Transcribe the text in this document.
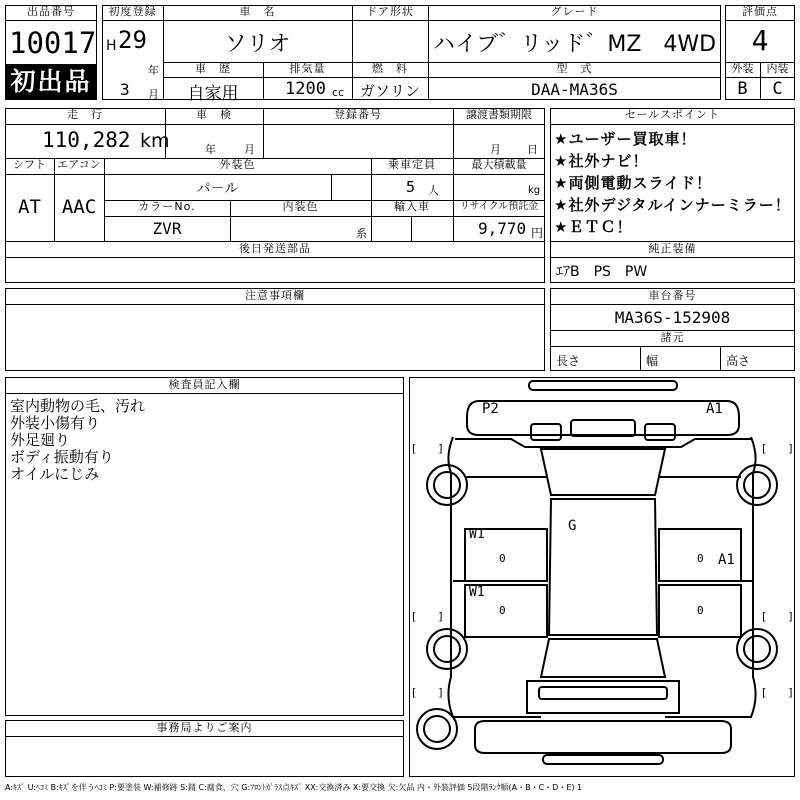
出品番号
10017
初出品
初度登録
H 29
年
3 月
車　名
ソリオ
ドア形状	グレード
ハイブ゛リッド゛MZ　4WD
車　歴
自家用
排気量
1200 cc
燃　料
ガソリン
型　式
DAA-MA36S
評価点
4
外装	内装
B	C
走　行
110,282 km
車　検
年	月
登録番号	譲渡書類期限
月 日
シフト
AT
エアコン
AAC
外装色
パ－ル
乗車定員
5 人
最大積載量
kg
カラーNo.
ZVR
内装色
系
輸入車	リサイクル預託金
9,770 円
後日発送部品
セールスポイント
★ユーザー買取車！
★社外ナビ！
★両側電動スライド！
★社外デジタルインナーミラー！
★ＥＴＣ！
純正装備
ｴｱB　PS　PW
注意事項欄	車台番号
MA36S-152908
諸元
長さ	幅	高さ
検査員記入欄
室内動物の毛、汚れ
外装小傷有り
外足廻り
ボディ振動有り
オイルにじみ
事務局よりご案内
P2	A1
W1
W1
G
A1
0
0
0
0
[　　]	[　　]
[　　]	[　　]
[　　]	[　　]
A:ｷｽﾞ U:ﾍｺﾐ B:ｷｽﾞを伴うﾍｺﾐ P:要塗装 W:補修跡 S:錆 C:腐食、穴 G:ﾌﾛﾝﾄｶﾞﾗｽ点ｷｽﾞ XX:交換済み X:要交換 欠:欠品 内・外装評価 5段階ﾗﾝｸ順(A・B・C・D・E) 1
